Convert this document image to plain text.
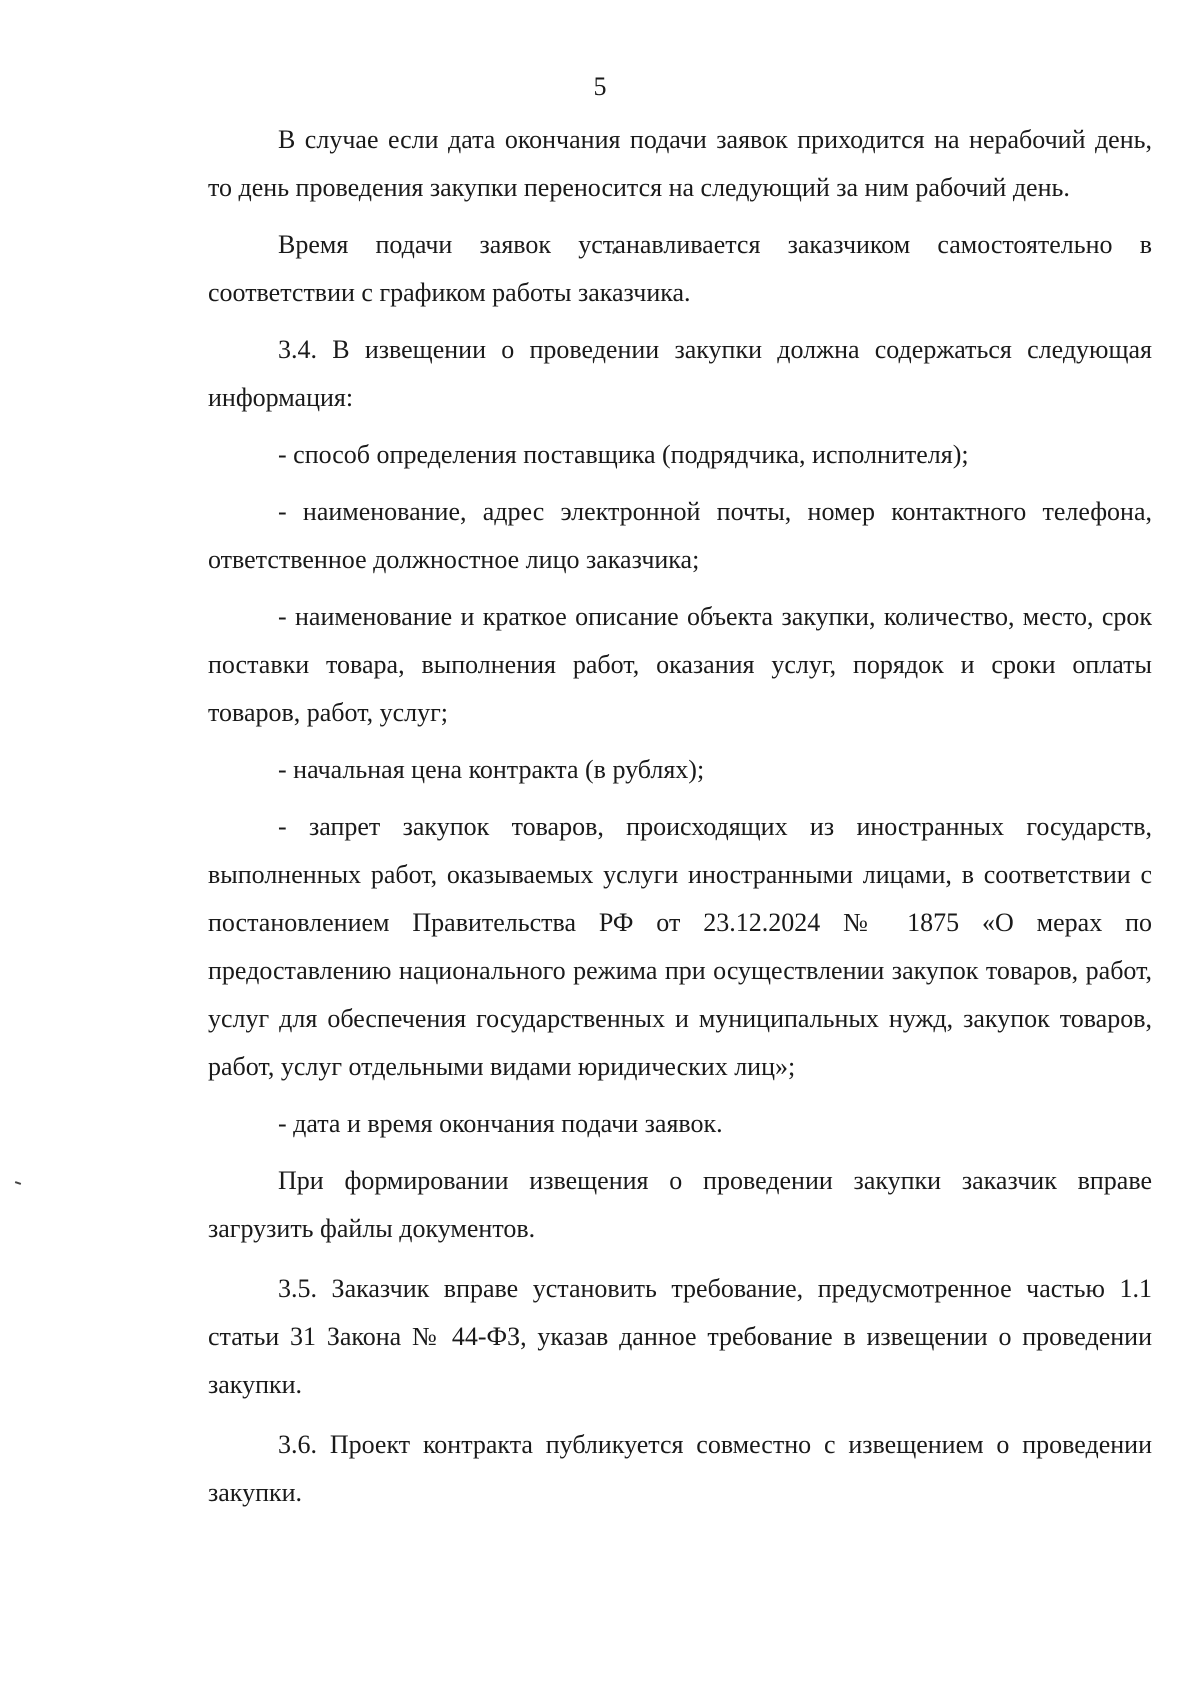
5

В случае если дата окончания подачи заявок приходится на нерабочий день, то день проведения закупки переносится на следующий за ним рабочий день.

Время подачи заявок устанавливается заказчиком самостоятельно в соответствии с графиком работы заказчика.

3.4. В извещении о проведении закупки должна содержаться следующая информация:

- способ определения поставщика (подрядчика, исполнителя);

- наименование, адрес электронной почты, номер контактного телефона, ответственное должностное лицо заказчика;

- наименование и краткое описание объекта закупки, количество, место, срок поставки товара, выполнения работ, оказания услуг, порядок и сроки оплаты товаров, работ, услуг;

- начальная цена контракта (в рублях);

- запрет закупок товаров, происходящих из иностранных государств, выполненных работ, оказываемых услуги иностранными лицами, в соответствии с постановлением Правительства РФ от 23.12.2024 № 1875 «О мерах по предоставлению национального режима при осуществлении закупок товаров, работ, услуг для обеспечения государственных и муниципальных нужд, закупок товаров, работ, услуг отдельными видами юридических лиц»;

- дата и время окончания подачи заявок.

При формировании извещения о проведении закупки заказчик вправе загрузить файлы документов.

3.5. Заказчик вправе установить требование, предусмотренное частью 1.1 статьи 31 Закона № 44-ФЗ, указав данное требование в извещении о проведении закупки.

3.6. Проект контракта публикуется совместно с извещением о проведении закупки.
